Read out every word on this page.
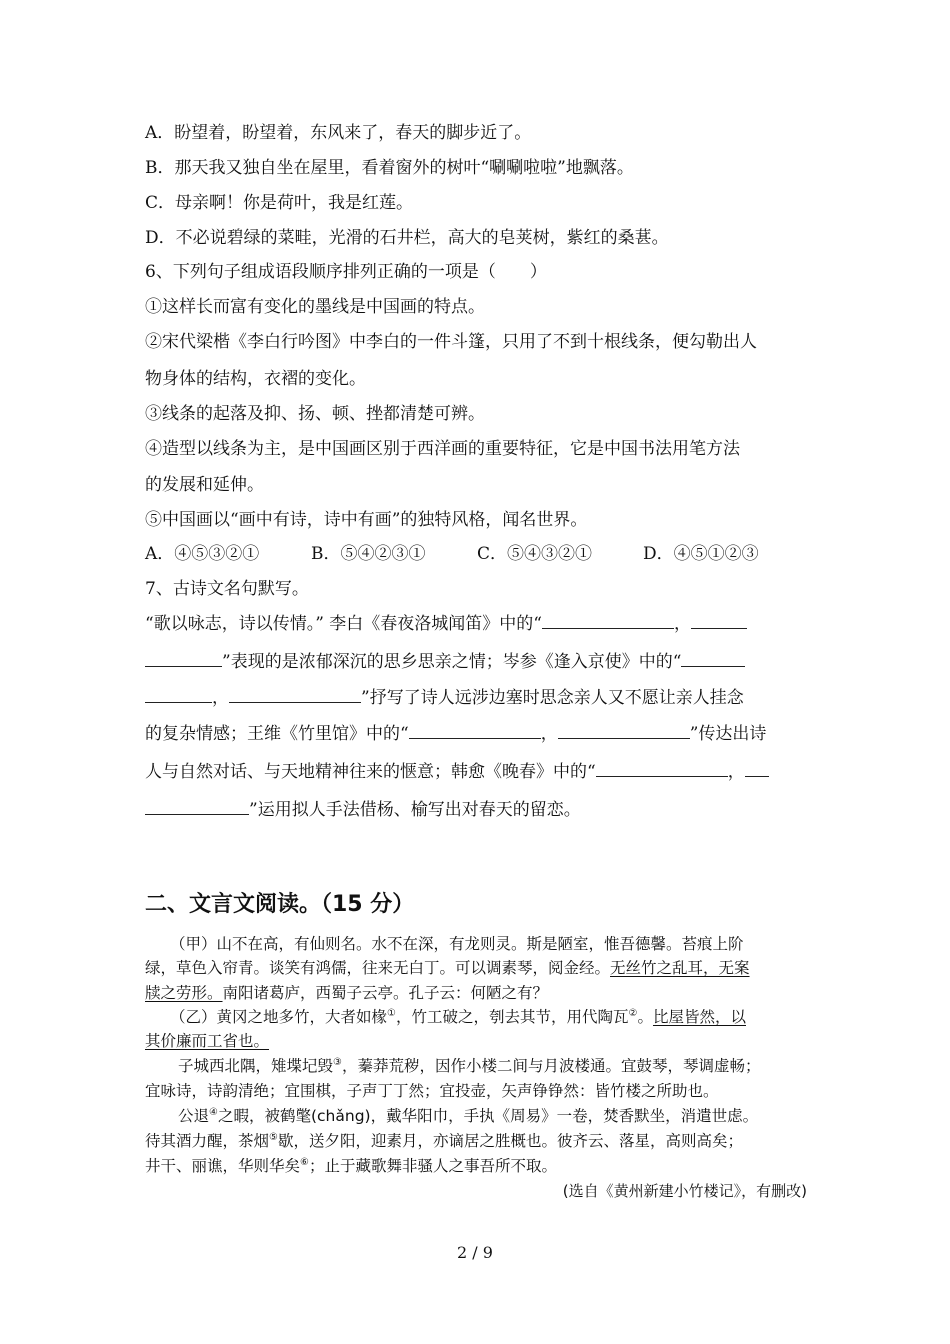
A．盼望着，盼望着，东风来了，春天的脚步近了。
B．那天我又独自坐在屋里，看着窗外的树叶“唰唰啦啦”地飘落。
C．母亲啊！你是荷叶，我是红莲。
D．不必说碧绿的菜畦，光滑的石井栏，高大的皂荚树，紫红的桑葚。
6、下列句子组成语段顺序排列正确的一项是（　　）
①这样长而富有变化的墨线是中国画的特点。
②宋代梁楷《李白行吟图》中李白的一件斗篷，只用了不到十根线条，便勾勒出人
物身体的结构，衣褶的变化。
③线条的起落及抑、扬、顿、挫都清楚可辨。
④造型以线条为主，是中国画区别于西洋画的重要特征，它是中国书法用笔方法
的发展和延伸。
⑤中国画以“画中有诗，诗中有画”的独特风格，闻名世界。
A．④⑤③②①	B．⑤④②③①	C．⑤④③②①	D．④⑤①②③
7、古诗文名句默写。
“歌以咏志，诗以传情。” 李白《春夜洛城闻笛》中的“	，
”表现的是浓郁深沉的思乡思亲之情；岑参《逢入京使》中的“
，	”抒写了诗人远涉边塞时思念亲人又不愿让亲人挂念
的复杂情感；王维《竹里馆》中的“	，	”传达出诗
人与自然对话、与天地精神往来的惬意；韩愈《晚春》中的“	，
”运用拟人手法借杨、榆写出对春天的留恋。
二、文言文阅读。（15 分）
（甲）山不在高，有仙则名。水不在深，有龙则灵。斯是陋室，惟吾德馨。苔痕上阶
绿，草色入帘青。谈笑有鸿儒，往来无白丁。可以调素琴，阅金经。无丝竹之乱耳，无案
牍之劳形。南阳诸葛庐，西蜀子云亭。孔子云：何陋之有？
（乙）黄冈之地多竹，大者如椽①，竹工破之，刳去其节，用代陶瓦②。比屋皆然，以
其价廉而工省也。
子城西北隅，雉堞圮毁③，蓁莽荒秽，因作小楼二间与月波楼通。宜鼓琴，琴调虚畅；
宜咏诗，诗韵清绝；宜围棋，子声丁丁然；宜投壶，矢声铮铮然：皆竹楼之所助也。
公退④之暇，被鹤氅(chǎng)，戴华阳巾，手执《周易》一卷，焚香默坐，消遣世虑。
待其酒力醒，茶烟⑤歇，送夕阳，迎素月，亦谪居之胜概也。彼齐云、落星，高则高矣；
井干、丽谯，华则华矣⑥；止于藏歌舞非骚人之事吾所不取。
(选自《黄州新建小竹楼记》，有删改)
2 / 9
